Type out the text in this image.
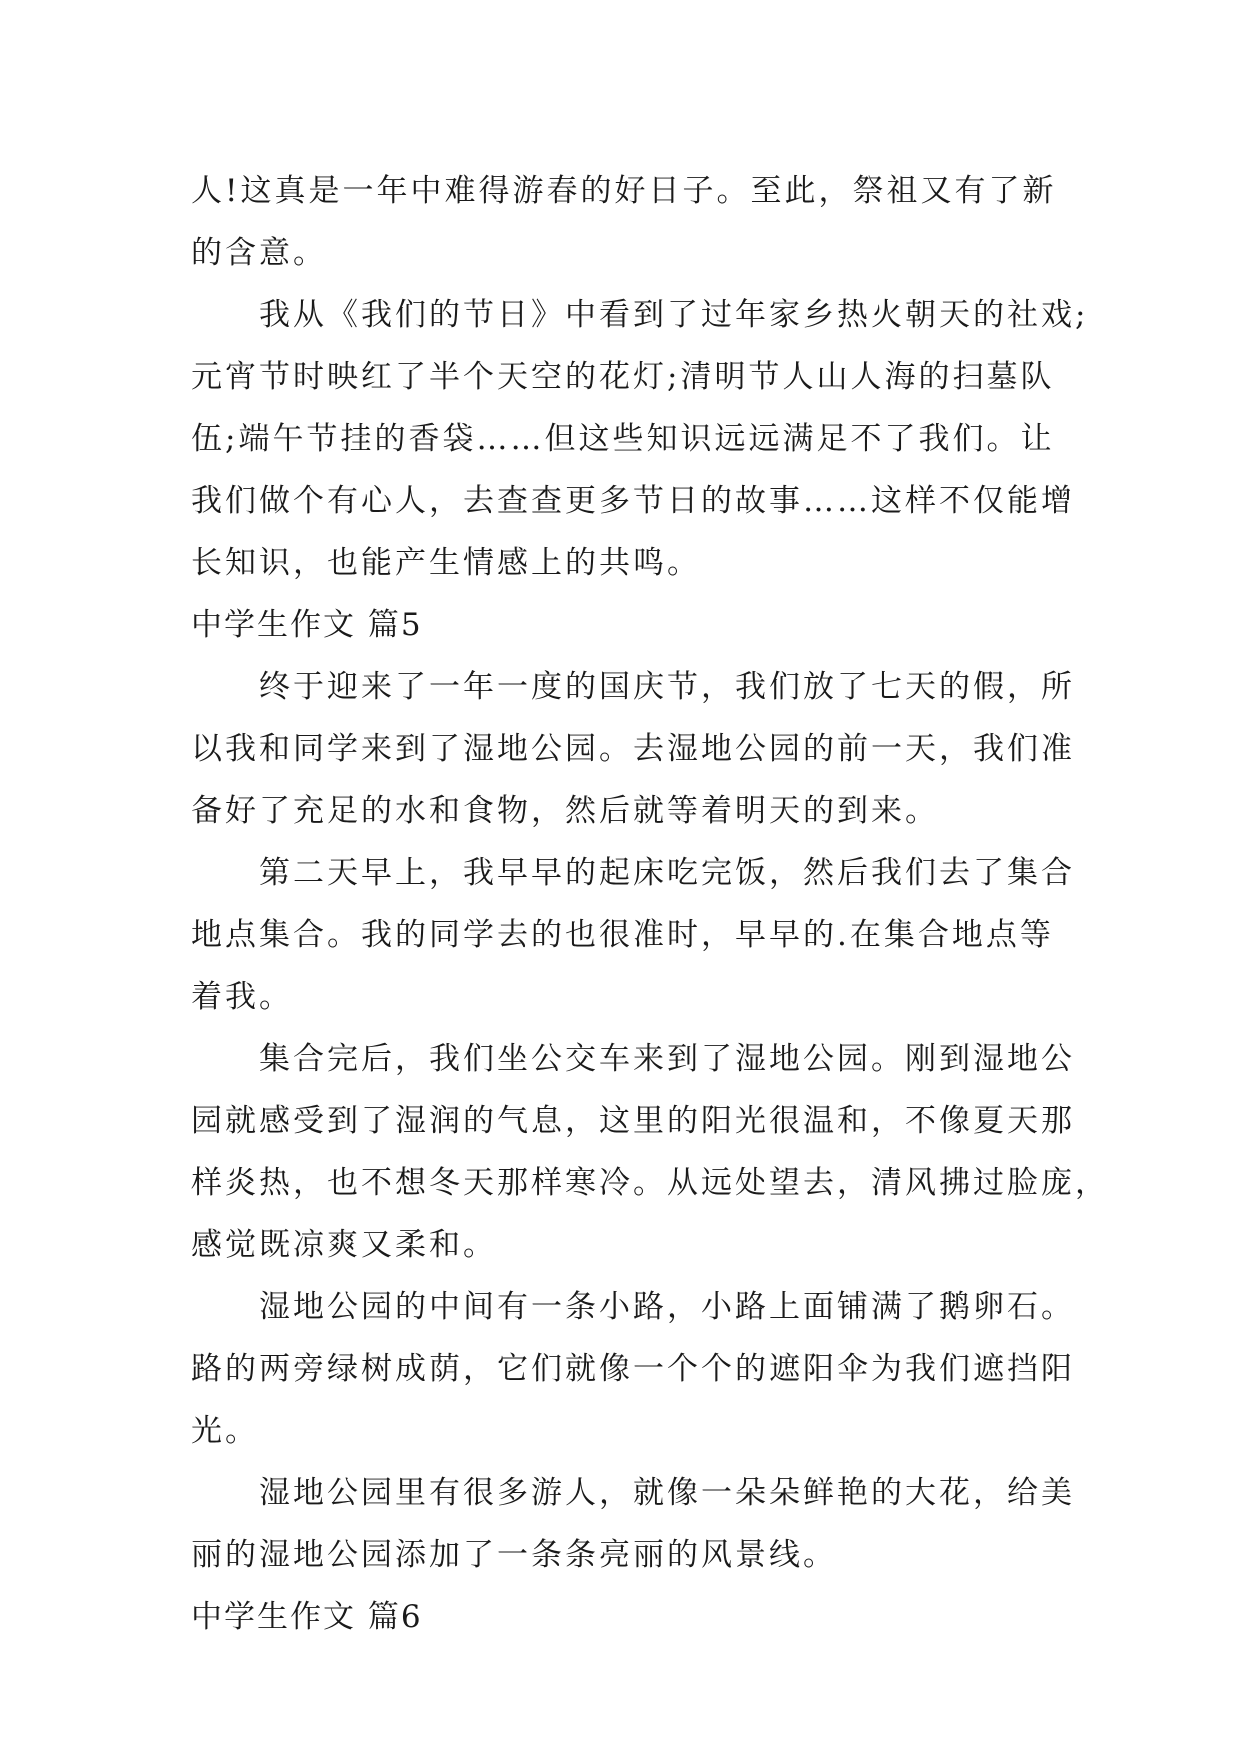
人!这真是一年中难得游春的好日子。至此，祭祖又有了新
的含意。
我从《我们的节日》中看到了过年家乡热火朝天的社戏;
元宵节时映红了半个天空的花灯;清明节人山人海的扫墓队
伍;端午节挂的香袋……但这些知识远远满足不了我们。让
我们做个有心人，去查查更多节日的故事……这样不仅能增
长知识，也能产生情感上的共鸣。
中学生作文 篇5
终于迎来了一年一度的国庆节，我们放了七天的假，所
以我和同学来到了湿地公园。去湿地公园的前一天，我们准
备好了充足的水和食物，然后就等着明天的到来。
第二天早上，我早早的起床吃完饭，然后我们去了集合
地点集合。我的同学去的也很准时，早早的.在集合地点等
着我。
集合完后，我们坐公交车来到了湿地公园。刚到湿地公
园就感受到了湿润的气息，这里的阳光很温和，不像夏天那
样炎热，也不想冬天那样寒冷。从远处望去，清风拂过脸庞，
感觉既凉爽又柔和。
湿地公园的中间有一条小路，小路上面铺满了鹅卵石。
路的两旁绿树成荫，它们就像一个个的遮阳伞为我们遮挡阳
光。
湿地公园里有很多游人，就像一朵朵鲜艳的大花，给美
丽的湿地公园添加了一条条亮丽的风景线。
中学生作文 篇6
